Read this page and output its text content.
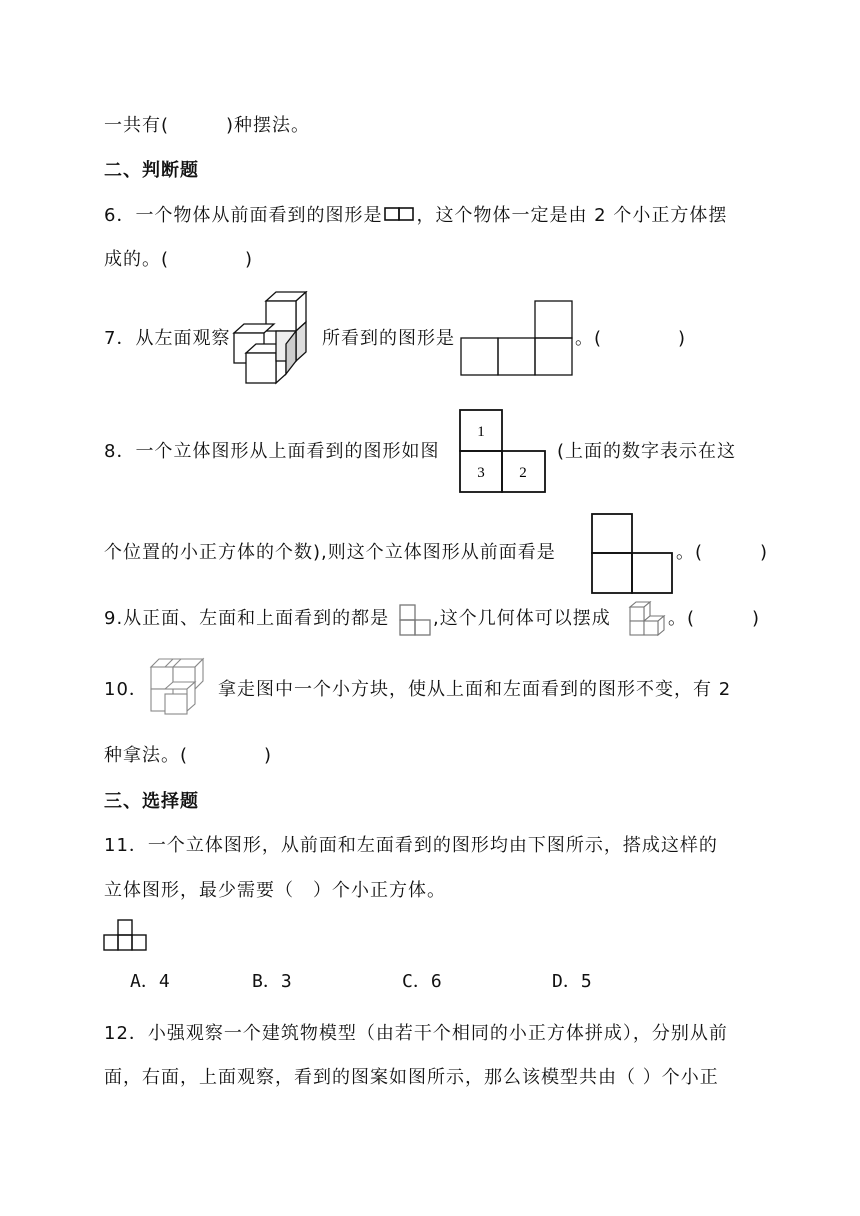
一共有(　　　)种摆法。
二、判断题
6．一个物体从前面看到的图形是 ，这个物体一定是由 2 个小正方体摆
成的。(　　　　)
7．从左面观察	所看到的图形是	。(　　　　)
8．一个立体图形从上面看到的图形如图
1
3 2
(上面的数字表示在这
个位置的小正方体的个数),则这个立体图形从前面看是	。(　　　)
9.从正面、左面和上面看到的都是 ,这个几何体可以摆成	。(　　　)
10．	拿走图中一个小方块，使从上面和左面看到的图形不变，有 2
种拿法。(　　　　)
三、选择题
11．一个立体图形，从前面和左面看到的图形均由下图所示，搭成这样的
立体图形，最少需要（　）个小正方体。
A．4	B．3	C．6	D．5
12．小强观察一个建筑物模型（由若干个相同的小正方体拼成），分别从前
面，右面，上面观察，看到的图案如图所示，那么该模型共由（ ）个小正
